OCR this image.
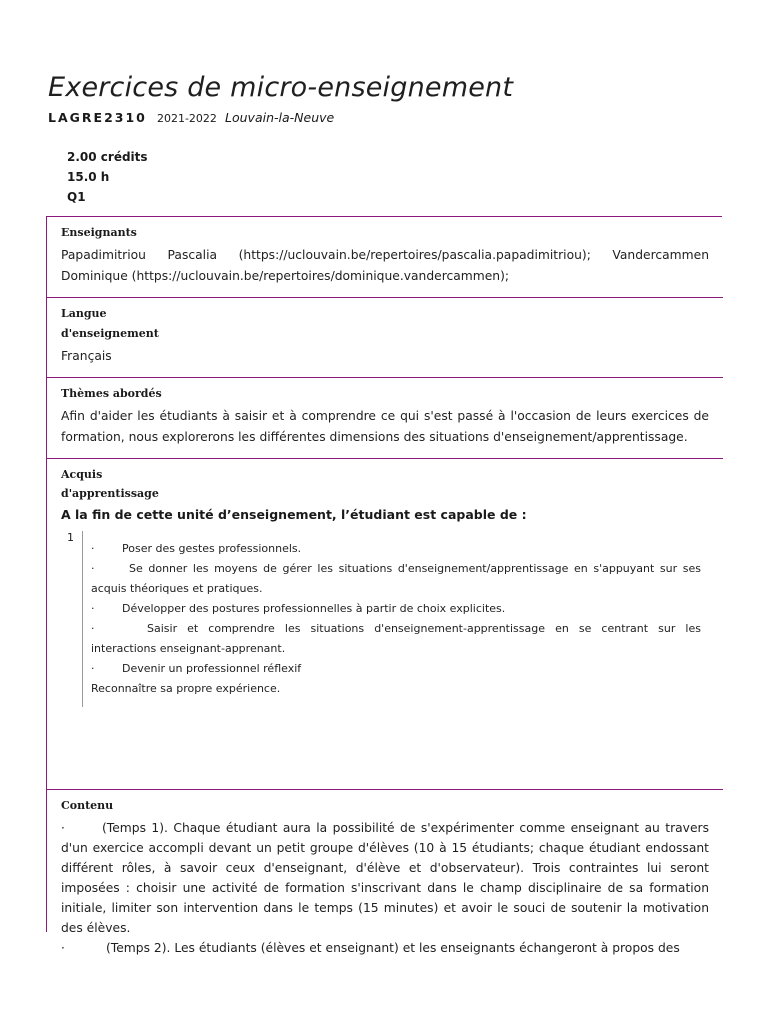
Exercices de micro-enseignement
LAGRE2310 2021-2022 Louvain-la-Neuve
2.00 crédits
15.0 h
Q1
Enseignants
Papadimitriou Pascalia (https://uclouvain.be/repertoires/pascalia.papadimitriou); Vandercammen Dominique (https://uclouvain.be/repertoires/dominique.vandercammen);
Langue
d'enseignement
Français
Thèmes abordés
Afin d'aider les étudiants à saisir et à comprendre ce qui s'est passé à l'occasion de leurs exercices de formation, nous explorerons les différentes dimensions des situations d'enseignement/apprentissage.
Acquis
d'apprentissage
A la fin de cette unité d’enseignement, l’étudiant est capable de :
1
·	Poser des gestes professionnels.
·	Se donner les moyens de gérer les situations d'enseignement/apprentissage en s'appuyant sur ses acquis théoriques et pratiques.
·	Développer des postures professionnelles à partir de choix explicites.
·	Saisir et comprendre les situations d'enseignement-apprentissage en se centrant sur les interactions enseignant-apprenant.
·	Devenir un professionnel réflexif
Reconnaître sa propre expérience.
Contenu
·	(Temps 1). Chaque étudiant aura la possibilité de s'expérimenter comme enseignant au travers d'un exercice accompli devant un petit groupe d'élèves (10 à 15 étudiants; chaque étudiant endossant différent rôles, à savoir ceux d'enseignant, d'élève et d'observateur). Trois contraintes lui seront imposées : choisir une activité de formation s'inscrivant dans le champ disciplinaire de sa formation initiale, limiter son intervention dans le temps (15 minutes) et avoir le souci de soutenir la motivation des élèves.
·	(Temps 2). Les étudiants (élèves et enseignant) et les enseignants échangeront à propos des
